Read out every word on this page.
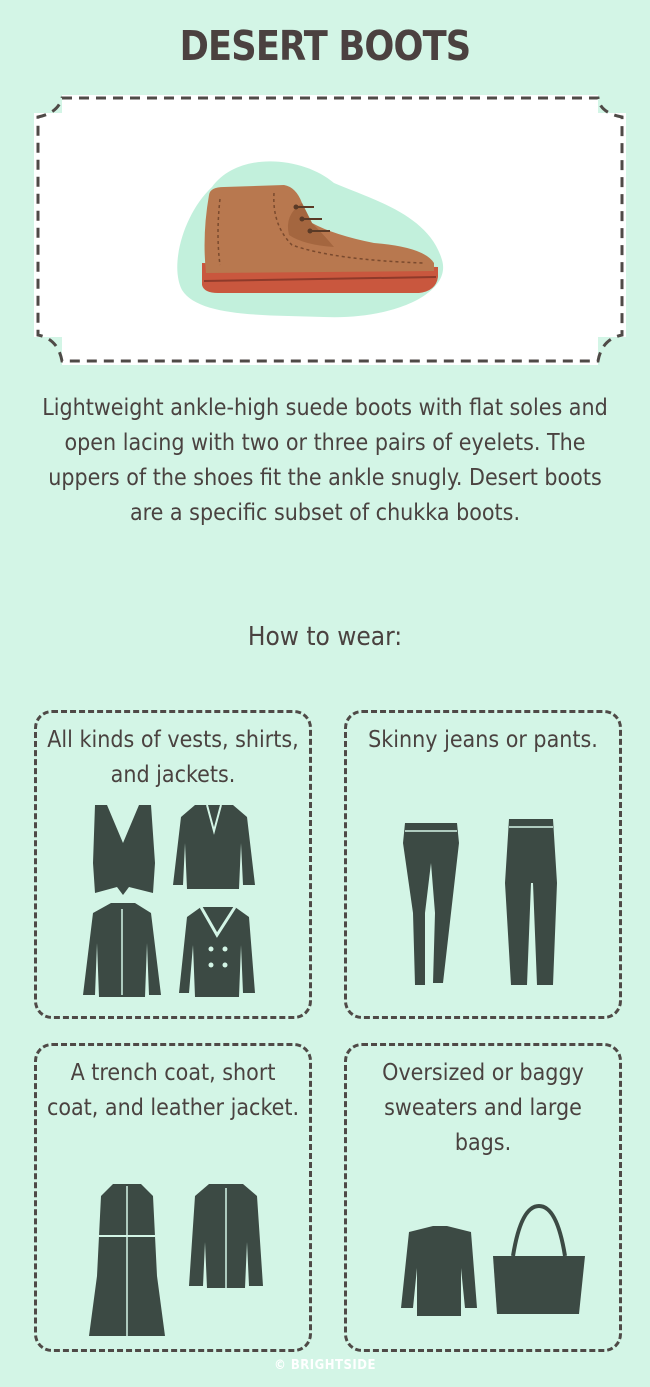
DESERT BOOTS
Lightweight ankle-high suede boots with flat soles and open lacing with two or three pairs of eyelets. The uppers of the shoes fit the ankle snugly. Desert boots are a specific subset of chukka boots.
How to wear:
All kinds of vests, shirts, and jackets.
Skinny jeans or pants.
A trench coat, short coat, and leather jacket.
Oversized or baggy sweaters and large bags.
© BRIGHTSIDE
